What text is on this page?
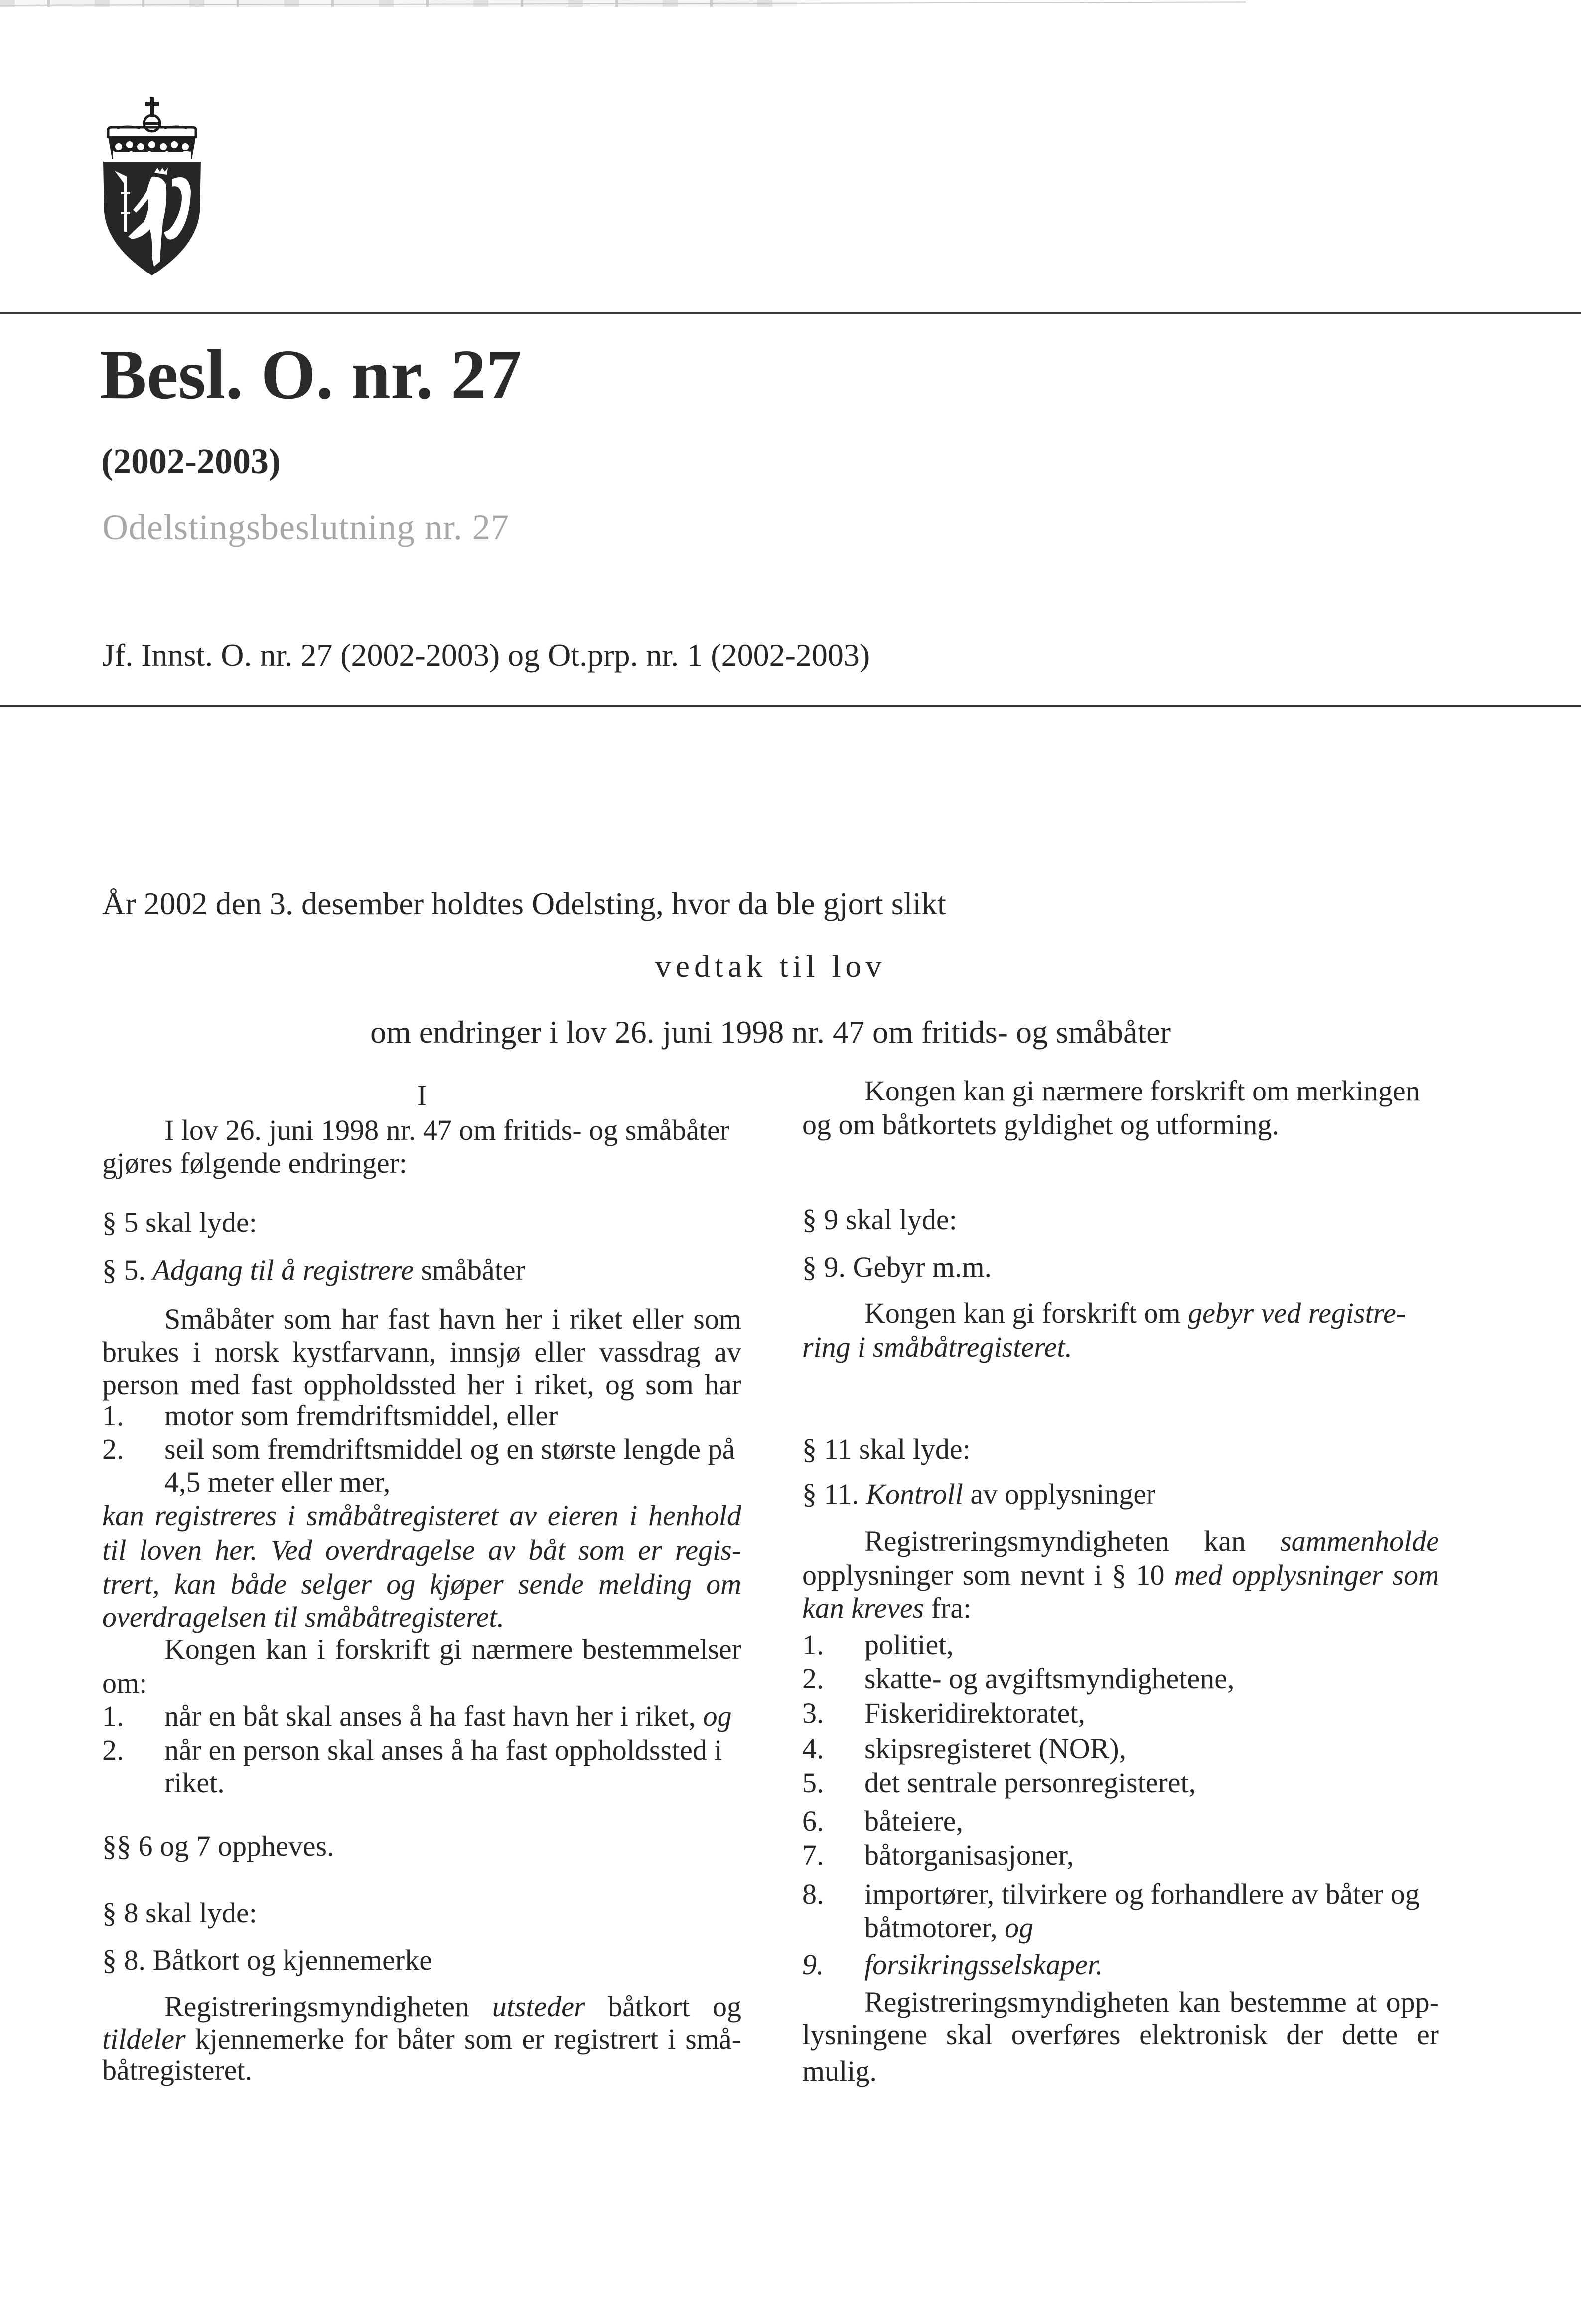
Besl. O. nr. 27
(2002-2003)
Odelstingsbeslutning nr. 27
Jf. Innst. O. nr. 27 (2002-2003) og Ot.prp. nr. 1 (2002-2003)
År 2002 den 3. desember holdtes Odelsting, hvor da ble gjort slikt
vedtak til lov
om endringer i lov 26. juni 1998 nr. 47 om fritids- og småbåter
I
I lov 26. juni 1998 nr. 47 om fritids- og småbåter
gjøres følgende endringer:
§ 5 skal lyde:
§ 5. Adgang til å registrere småbåter
Småbåter som har fast havn her i riket eller som
brukes i norsk kystfarvann, innsjø eller vassdrag av
person med fast oppholdssted her i riket, og som har
1. motor som fremdriftsmiddel, eller
2. seil som fremdriftsmiddel og en største lengde på
4,5 meter eller mer,
kan registreres i småbåtregisteret av eieren i henhold
til loven her. Ved overdragelse av båt som er regis-
trert, kan både selger og kjøper sende melding om
overdragelsen til småbåtregisteret.
Kongen kan i forskrift gi nærmere bestemmelser
om:
1. når en båt skal anses å ha fast havn her i riket, og
2. når en person skal anses å ha fast oppholdssted i
riket.
§§ 6 og 7 oppheves.
§ 8 skal lyde:
§ 8. Båtkort og kjennemerke
Registreringsmyndigheten utsteder båtkort og
tildeler kjennemerke for båter som er registrert i små-
båtregisteret.
Kongen kan gi nærmere forskrift om merkingen
og om båtkortets gyldighet og utforming.
§ 9 skal lyde:
§ 9. Gebyr m.m.
Kongen kan gi forskrift om gebyr ved registre-
ring i småbåtregisteret.
§ 11 skal lyde:
§ 11. Kontroll av opplysninger
Registreringsmyndigheten kan sammenholde
opplysninger som nevnt i § 10 med opplysninger som
kan kreves fra:
1. politiet,
2. skatte- og avgiftsmyndighetene,
3. Fiskeridirektoratet,
4. skipsregisteret (NOR),
5. det sentrale personregisteret,
6. båteiere,
7. båtorganisasjoner,
8. importører, tilvirkere og forhandlere av båter og
båtmotorer, og
9. forsikringsselskaper.
Registreringsmyndigheten kan bestemme at opp-
lysningene skal overføres elektronisk der dette er
mulig.
